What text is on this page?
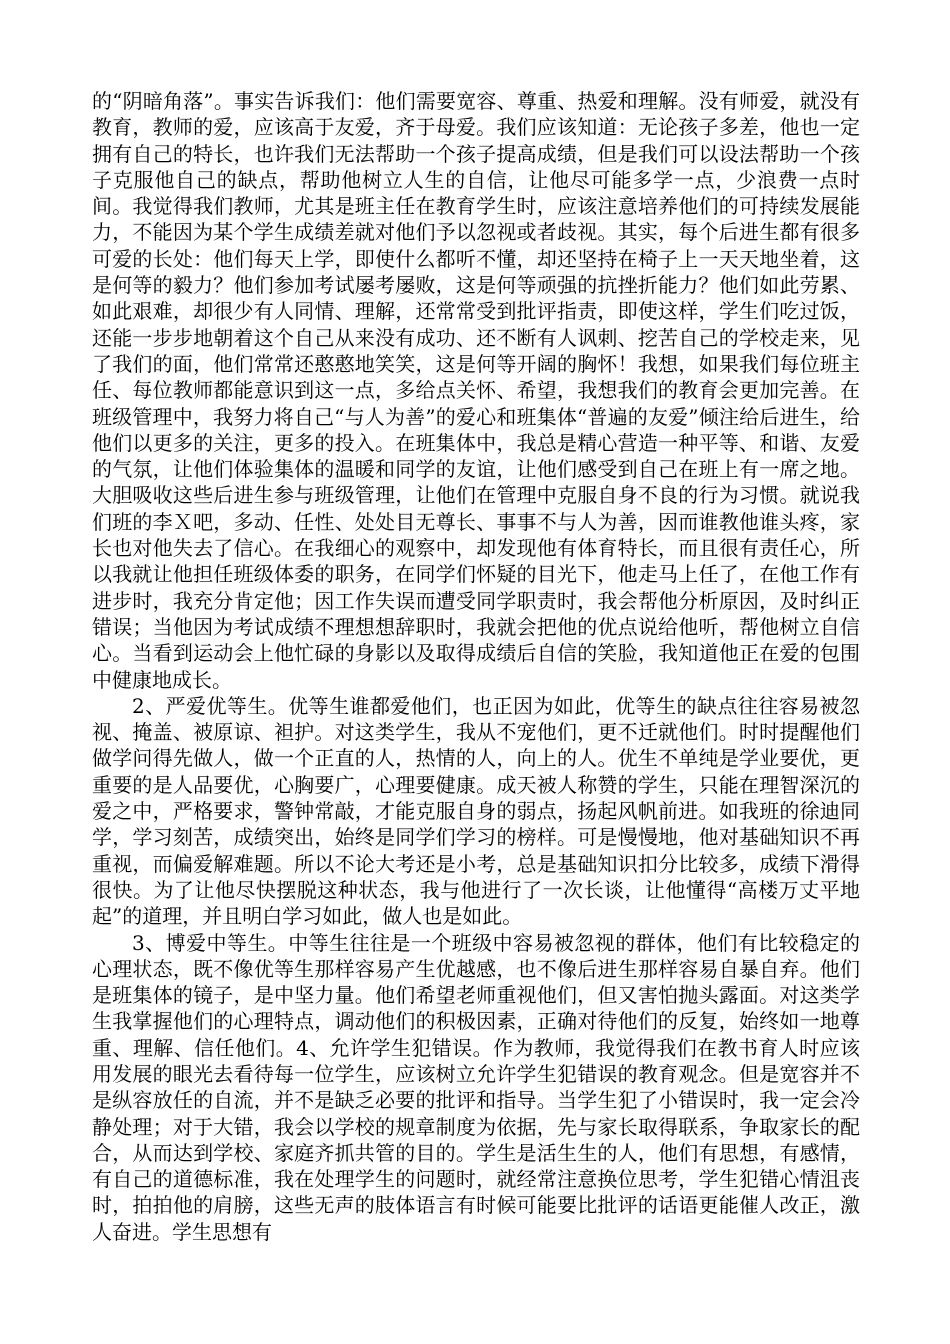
的“阴暗角落”。事实告诉我们：他们需要宽容、尊重、热爱和理解。没有师爱，就没有教育，教师的爱，应该高于友爱，齐于母爱。我们应该知道：无论孩子多差，他也一定拥有自己的特长，也许我们无法帮助一个孩子提高成绩，但是我们可以设法帮助一个孩子克服他自己的缺点，帮助他树立人生的自信，让他尽可能多学一点，少浪费一点时间。我觉得我们教师，尤其是班主任在教育学生时，应该注意培养他们的可持续发展能力，不能因为某个学生成绩差就对他们予以忽视或者歧视。其实，每个后进生都有很多可爱的长处：他们每天上学，即使什么都听不懂，却还坚持在椅子上一天天地坐着，这是何等的毅力？他们参加考试屡考屡败，这是何等顽强的抗挫折能力？他们如此劳累、如此艰难，却很少有人同情、理解，还常常受到批评指责，即使这样，学生们吃过饭，还能一步步地朝着这个自己从来没有成功、还不断有人讽刺、挖苦自己的学校走来，见了我们的面，他们常常还憨憨地笑笑，这是何等开阔的胸怀！我想，如果我们每位班主任、每位教师都能意识到这一点，多给点关怀、希望，我想我们的教育会更加完善。在班级管理中，我努力将自己“与人为善”的爱心和班集体“普遍的友爱”倾注给后进生，给他们以更多的关注，更多的投入。在班集体中，我总是精心营造一种平等、和谐、友爱的气氛，让他们体验集体的温暖和同学的友谊，让他们感受到自己在班上有一席之地。大胆吸收这些后进生参与班级管理，让他们在管理中克服自身不良的行为习惯。就说我们班的李Ｘ吧，多动、任性、处处目无尊长、事事不与人为善，因而谁教他谁头疼，家长也对他失去了信心。在我细心的观察中，却发现他有体育特长，而且很有责任心，所以我就让他担任班级体委的职务，在同学们怀疑的目光下，他走马上任了，在他工作有进步时，我充分肯定他；因工作失误而遭受同学职责时，我会帮他分析原因，及时纠正错误；当他因为考试成绩不理想想辞职时，我就会把他的优点说给他听，帮他树立自信心。当看到运动会上他忙碌的身影以及取得成绩后自信的笑脸，我知道他正在爱的包围中健康地成长。

2、严爱优等生。优等生谁都爱他们，也正因为如此，优等生的缺点往往容易被忽视、掩盖、被原谅、袒护。对这类学生，我从不宠他们，更不迁就他们。时时提醒他们做学问得先做人，做一个正直的人，热情的人，向上的人。优生不单纯是学业要优，更重要的是人品要优，心胸要广，心理要健康。成天被人称赞的学生，只能在理智深沉的爱之中，严格要求，警钟常敲，才能克服自身的弱点，扬起风帆前进。如我班的徐迪同学，学习刻苦，成绩突出，始终是同学们学习的榜样。可是慢慢地，他对基础知识不再重视，而偏爱解难题。所以不论大考还是小考，总是基础知识扣分比较多，成绩下滑得很快。为了让他尽快摆脱这种状态，我与他进行了一次长谈，让他懂得“高楼万丈平地起”的道理，并且明白学习如此，做人也是如此。

3、博爱中等生。中等生往往是一个班级中容易被忽视的群体，他们有比较稳定的心理状态，既不像优等生那样容易产生优越感，也不像后进生那样容易自暴自弃。他们是班集体的镜子，是中坚力量。他们希望老师重视他们，但又害怕抛头露面。对这类学生我掌握他们的心理特点，调动他们的积极因素，正确对待他们的反复，始终如一地尊重、理解、信任他们。4、允许学生犯错误。作为教师，我觉得我们在教书育人时应该用发展的眼光去看待每一位学生，应该树立允许学生犯错误的教育观念。但是宽容并不是纵容放任的自流，并不是缺乏必要的批评和指导。当学生犯了小错误时，我一定会冷静处理；对于大错，我会以学校的规章制度为依据，先与家长取得联系，争取家长的配合，从而达到学校、家庭齐抓共管的目的。学生是活生生的人，他们有思想，有感情，有自己的道德标准，我在处理学生的问题时，就经常注意换位思考，学生犯错心情沮丧时，拍拍他的肩膀，这些无声的肢体语言有时候可能要比批评的话语更能催人改正，激人奋进。学生思想有
